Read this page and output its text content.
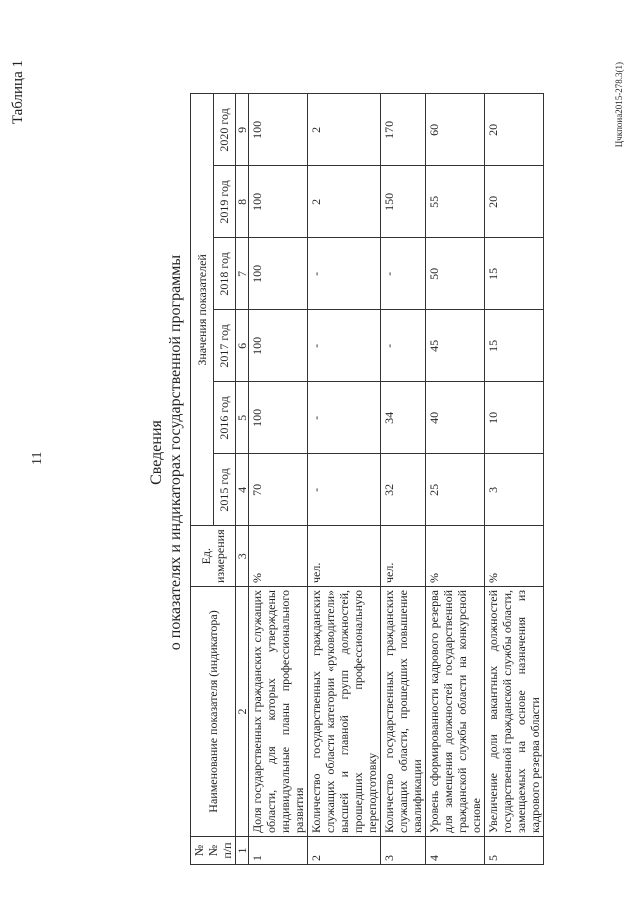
11
Таблица 1
Сведения о показателях и индикаторах государственной программы
№№ п/п	Наименование показателя (индикатора)	Ед. измерения	Значения показателей					
			2015 год	2016 год	2017 год	2018 год	2019 год	2020 год
1	2	3	4	5	6	7	8	9
1	Доля государственных гражданских служащих области, для которых утверждены индивидуальные планы профессионального развития	%	70	100	100	100	100	100
2	Количество государственных гражданских служащих области категории «руководители» высшей и главной групп должностей, прошедших профессиональную переподготовку	чел.	-	-	-	-	2	2
3	Количество государственных гражданских служащих области, прошедших повышение квалификации	чел.	32	34	-	-	150	170
4	Уровень сформированности кадрового резерва для замещения должностей государственной гражданской службы области на конкурсной основе	%	25	40	45	50	55	60
5	Увеличение доли вакантных должностей государственной гражданской службы области, замещаемых на основе назначения из кадрового резерва области	%	3	10	15	15	20	20	Цчкпоиа2015-278.3(1)
